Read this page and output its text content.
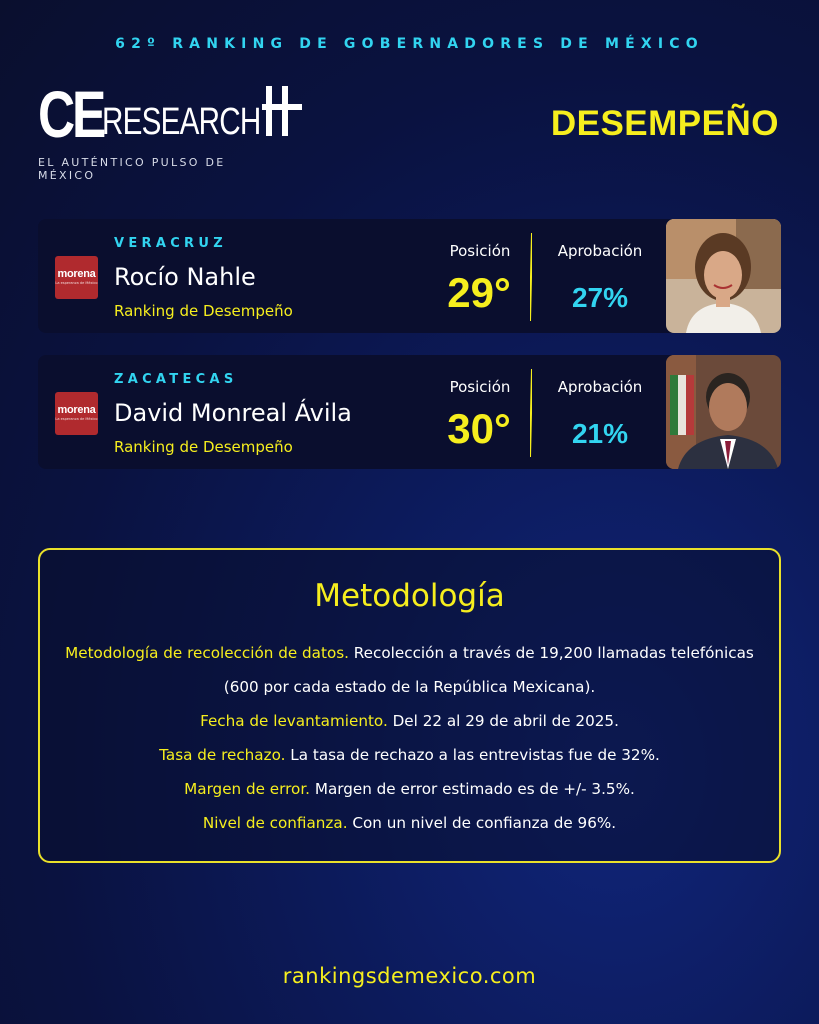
62º RANKING DE GOBERNADORES DE MÉXICO
CE
RESEARCH
EL AUTÉNTICO PULSO DE MÉXICO
DESEMPEÑO
morena
La esperanza de México
VERACRUZ
Rocío Nahle
Ranking de Desempeño
Posición
29°
Aprobación
27%
morena
La esperanza de México
ZACATECAS
David Monreal Ávila
Ranking de Desempeño
Posición
30°
Aprobación
21%
Metodología
Metodología de recolección de datos. Recolección a través de 19,200 llamadas telefónicas (600 por cada estado de la República Mexicana).
Fecha de levantamiento. Del 22 al 29 de abril de 2025.
Tasa de rechazo. La tasa de rechazo a las entrevistas fue de 32%.
Margen de error. Margen de error estimado es de +/- 3.5%.
Nivel de confianza. Con un nivel de confianza de 96%.
rankingsdemexico.com
